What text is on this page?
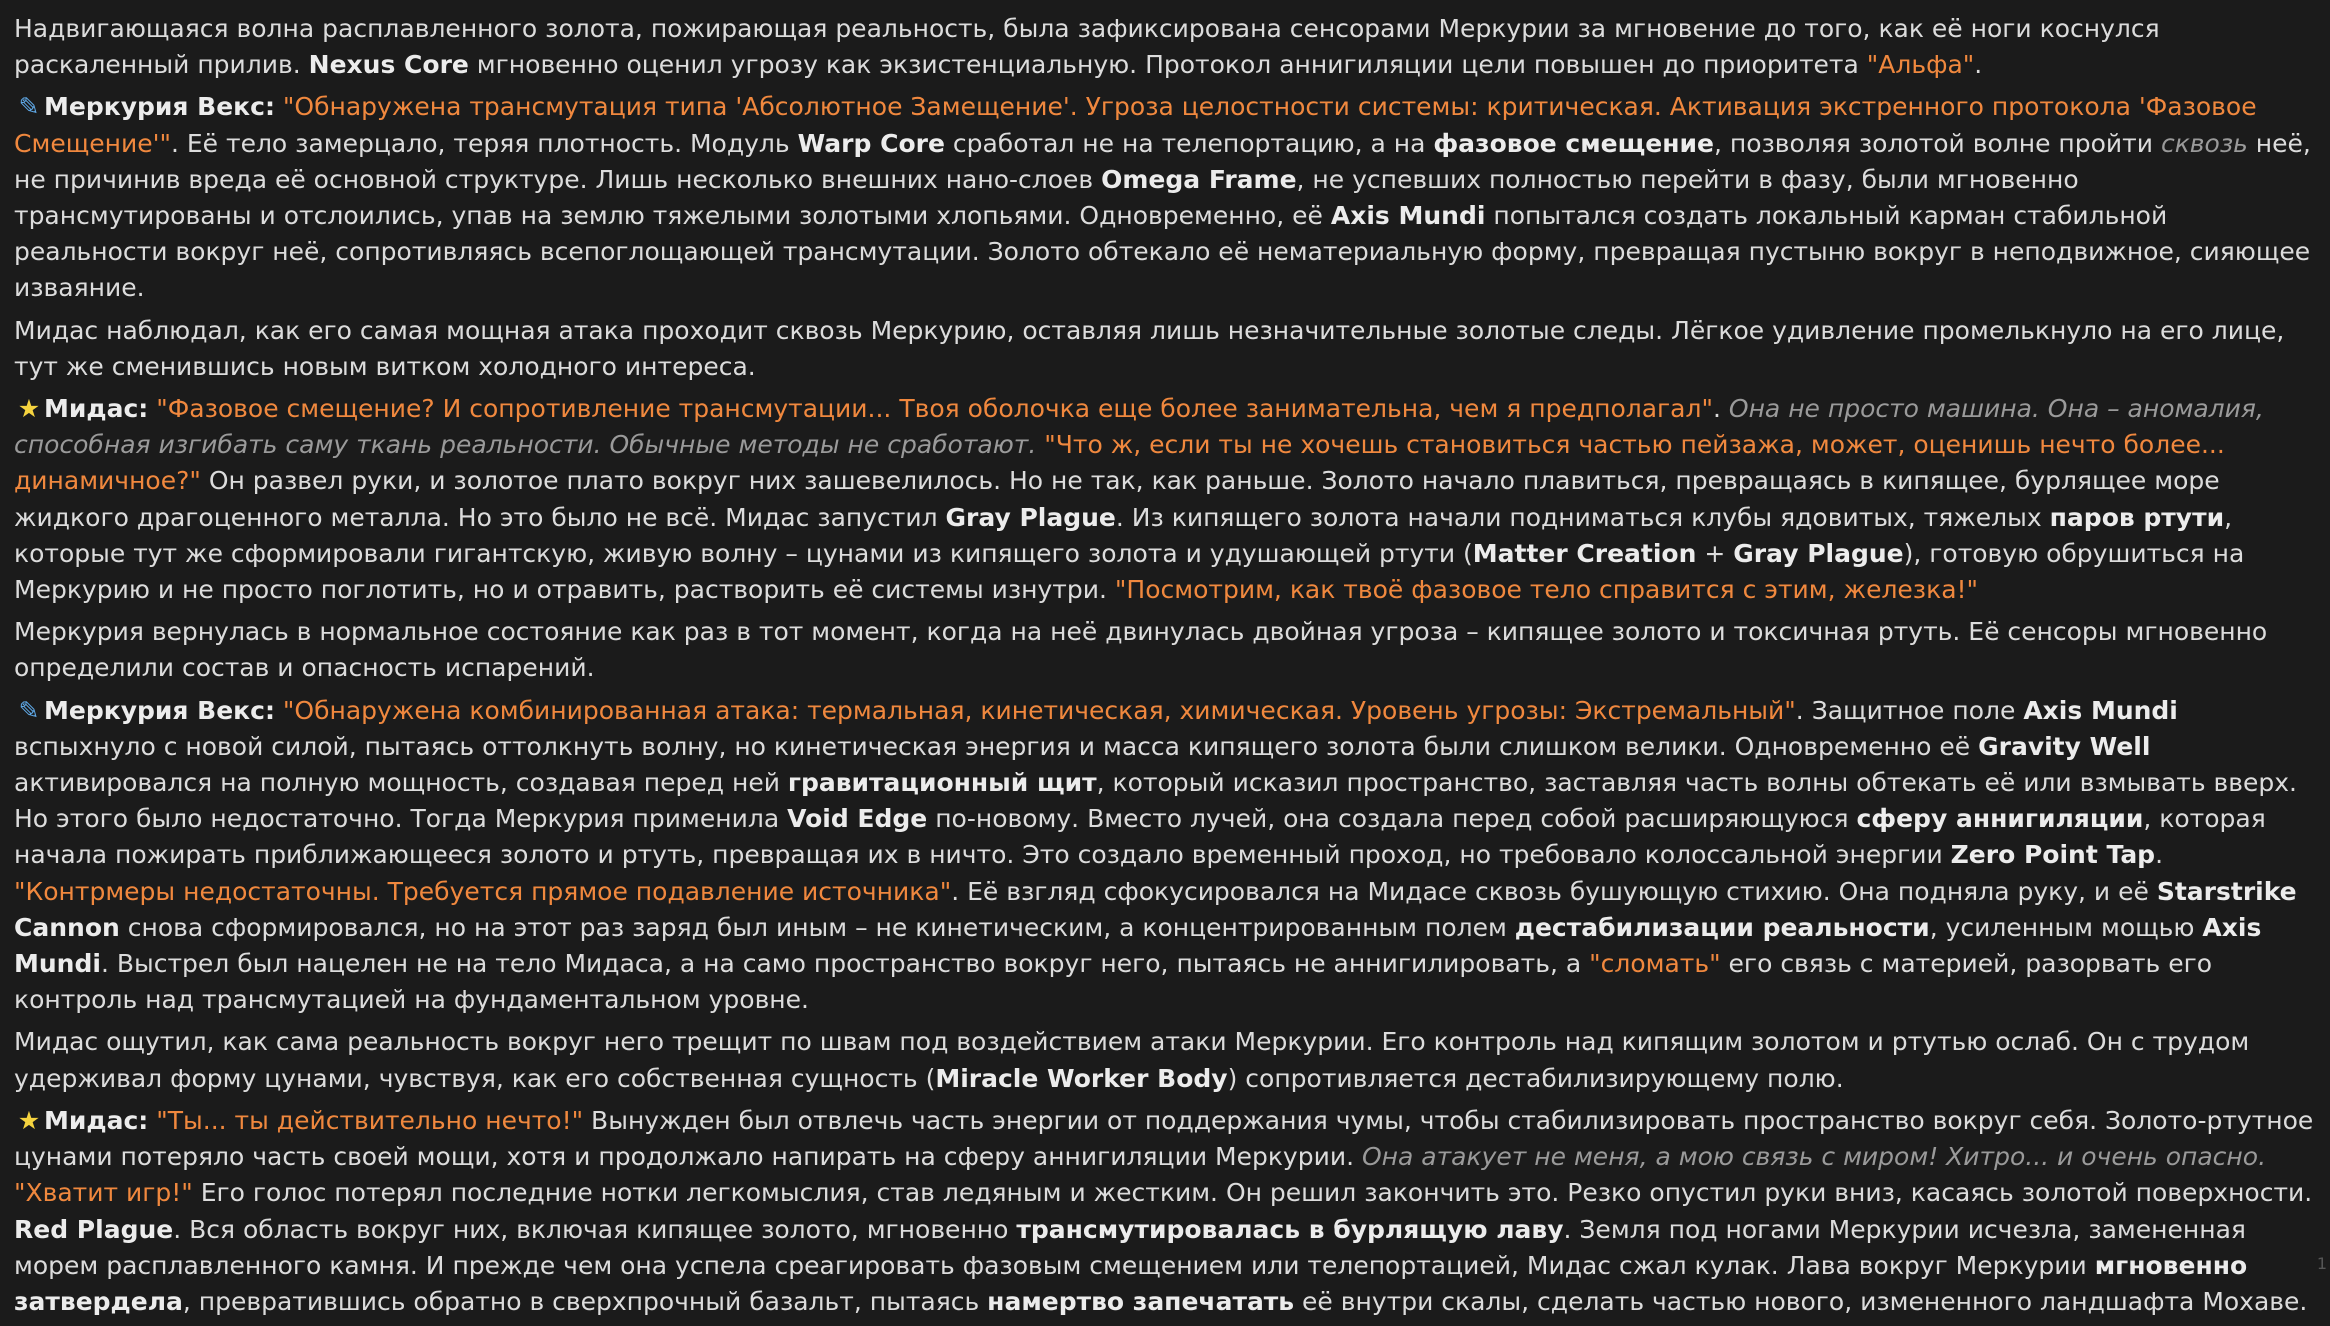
Надвигающаяся волна расплавленного золота, пожирающая реальность, была зафиксирована сенсорами Меркурии за мгновение до того, как её ноги коснулся раскаленный прилив. Nexus Core мгновенно оценил угрозу как экзистенциальную. Протокол аннигиляции цели повышен до приоритета "Альфа".

✎ Меркурия Векс: "Обнаружена трансмутация типа 'Абсолютное Замещение'. Угроза целостности системы: критическая. Активация экстренного протокола 'Фазовое Смещение'". Её тело замерцало, теряя плотность. Модуль Warp Core сработал не на телепортацию, а на фазовое смещение, позволяя золотой волне пройти сквозь неё, не причинив вреда её основной структуре. Лишь несколько внешних нано-слоев Omega Frame, не успевших полностью перейти в фазу, были мгновенно трансмутированы и отслоились, упав на землю тяжелыми золотыми хлопьями. Одновременно, её Axis Mundi попытался создать локальный карман стабильной реальности вокруг неё, сопротивляясь всепоглощающей трансмутации. Золото обтекало её нематериальную форму, превращая пустыню вокруг в неподвижное, сияющее изваяние.

Мидас наблюдал, как его самая мощная атака проходит сквозь Меркурию, оставляя лишь незначительные золотые следы. Лёгкое удивление промелькнуло на его лице, тут же сменившись новым витком холодного интереса.

★ Мидас: "Фазовое смещение? И сопротивление трансмутации... Твоя оболочка еще более занимательна, чем я предполагал". Она не просто машина. Она – аномалия, способная изгибать саму ткань реальности. Обычные методы не сработают. "Что ж, если ты не хочешь становиться частью пейзажа, может, оценишь нечто более... динамичное?" Он развел руки, и золотое плато вокруг них зашевелилось. Но не так, как раньше. Золото начало плавиться, превращаясь в кипящее, бурлящее море жидкого драгоценного металла. Но это было не всё. Мидас запустил Gray Plague. Из кипящего золота начали подниматься клубы ядовитых, тяжелых паров ртути, которые тут же сформировали гигантскую, живую волну – цунами из кипящего золота и удушающей ртути (Matter Creation + Gray Plague), готовую обрушиться на Меркурию и не просто поглотить, но и отравить, растворить её системы изнутри. "Посмотрим, как твоё фазовое тело справится с этим, железка!"

Меркурия вернулась в нормальное состояние как раз в тот момент, когда на неё двинулась двойная угроза – кипящее золото и токсичная ртуть. Её сенсоры мгновенно определили состав и опасность испарений.

✎ Меркурия Векс: "Обнаружена комбинированная атака: термальная, кинетическая, химическая. Уровень угрозы: Экстремальный". Защитное поле Axis Mundi вспыхнуло с новой силой, пытаясь оттолкнуть волну, но кинетическая энергия и масса кипящего золота были слишком велики. Одновременно её Gravity Well активировался на полную мощность, создавая перед ней гравитационный щит, который исказил пространство, заставляя часть волны обтекать её или взмывать вверх. Но этого было недостаточно. Тогда Меркурия применила Void Edge по-новому. Вместо лучей, она создала перед собой расширяющуюся сферу аннигиляции, которая начала пожирать приближающееся золото и ртуть, превращая их в ничто. Это создало временный проход, но требовало колоссальной энергии Zero Point Tap. "Контрмеры недостаточны. Требуется прямое подавление источника". Её взгляд сфокусировался на Мидасе сквозь бушующую стихию. Она подняла руку, и её Starstrike Cannon снова сформировался, но на этот раз заряд был иным – не кинетическим, а концентрированным полем дестабилизации реальности, усиленным мощью Axis Mundi. Выстрел был нацелен не на тело Мидаса, а на само пространство вокруг него, пытаясь не аннигилировать, а "сломать" его связь с материей, разорвать его контроль над трансмутацией на фундаментальном уровне.

Мидас ощутил, как сама реальность вокруг него трещит по швам под воздействием атаки Меркурии. Его контроль над кипящим золотом и ртутью ослаб. Он с трудом удерживал форму цунами, чувствуя, как его собственная сущность (Miracle Worker Body) сопротивляется дестабилизирующему полю.

★ Мидас: "Ты... ты действительно нечто!" Вынужден был отвлечь часть энергии от поддержания чумы, чтобы стабилизировать пространство вокруг себя. Золото-ртутное цунами потеряло часть своей мощи, хотя и продолжало напирать на сферу аннигиляции Меркурии. Она атакует не меня, а мою связь с миром! Хитро... и очень опасно. "Хватит игр!" Его голос потерял последние нотки легкомыслия, став ледяным и жестким. Он решил закончить это. Резко опустил руки вниз, касаясь золотой поверхности. Red Plague. Вся область вокруг них, включая кипящее золото, мгновенно трансмутировалась в бурлящую лаву. Земля под ногами Меркурии исчезла, замененная морем расплавленного камня. И прежде чем она успела среагировать фазовым смещением или телепортацией, Мидас сжал кулак. Лава вокруг Меркурии мгновенно затвердела, превратившись обратно в сверхпрочный базальт, пытаясь намертво запечатать её внутри скалы, сделать частью нового, измененного ландшафта Мохаве.

1
